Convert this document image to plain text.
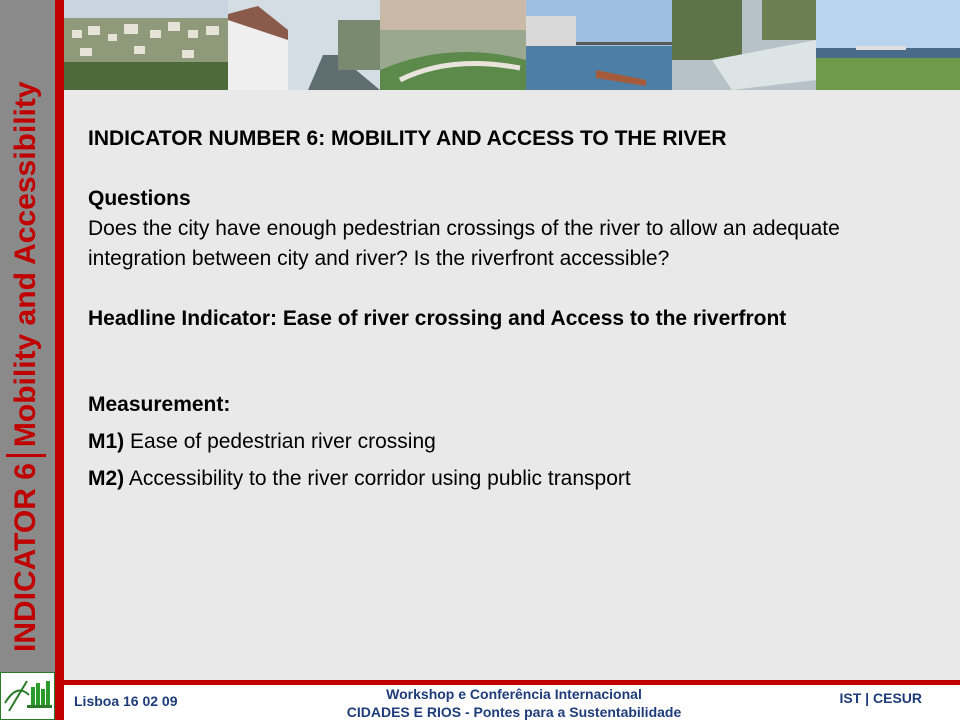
INDICATOR 6
Mobility and Accessibility INDICATOR NUMBER 6: MOBILITY AND ACCESS TO THE RIVER
Questions
Does the city have enough pedestrian crossings of the river to allow an adequate integration between city and river? Is the riverfront accessible?
Headline Indicator: Ease of river crossing and Access to the riverfront
Measurement:
M1) Ease of pedestrian river crossing
M2) Accessibility to the river corridor using public transport
Lisboa 16 02 09	Workshop e Conferência Internacional
CIDADES E RIOS - Pontes para a Sustentabilidade
IST | CESUR
